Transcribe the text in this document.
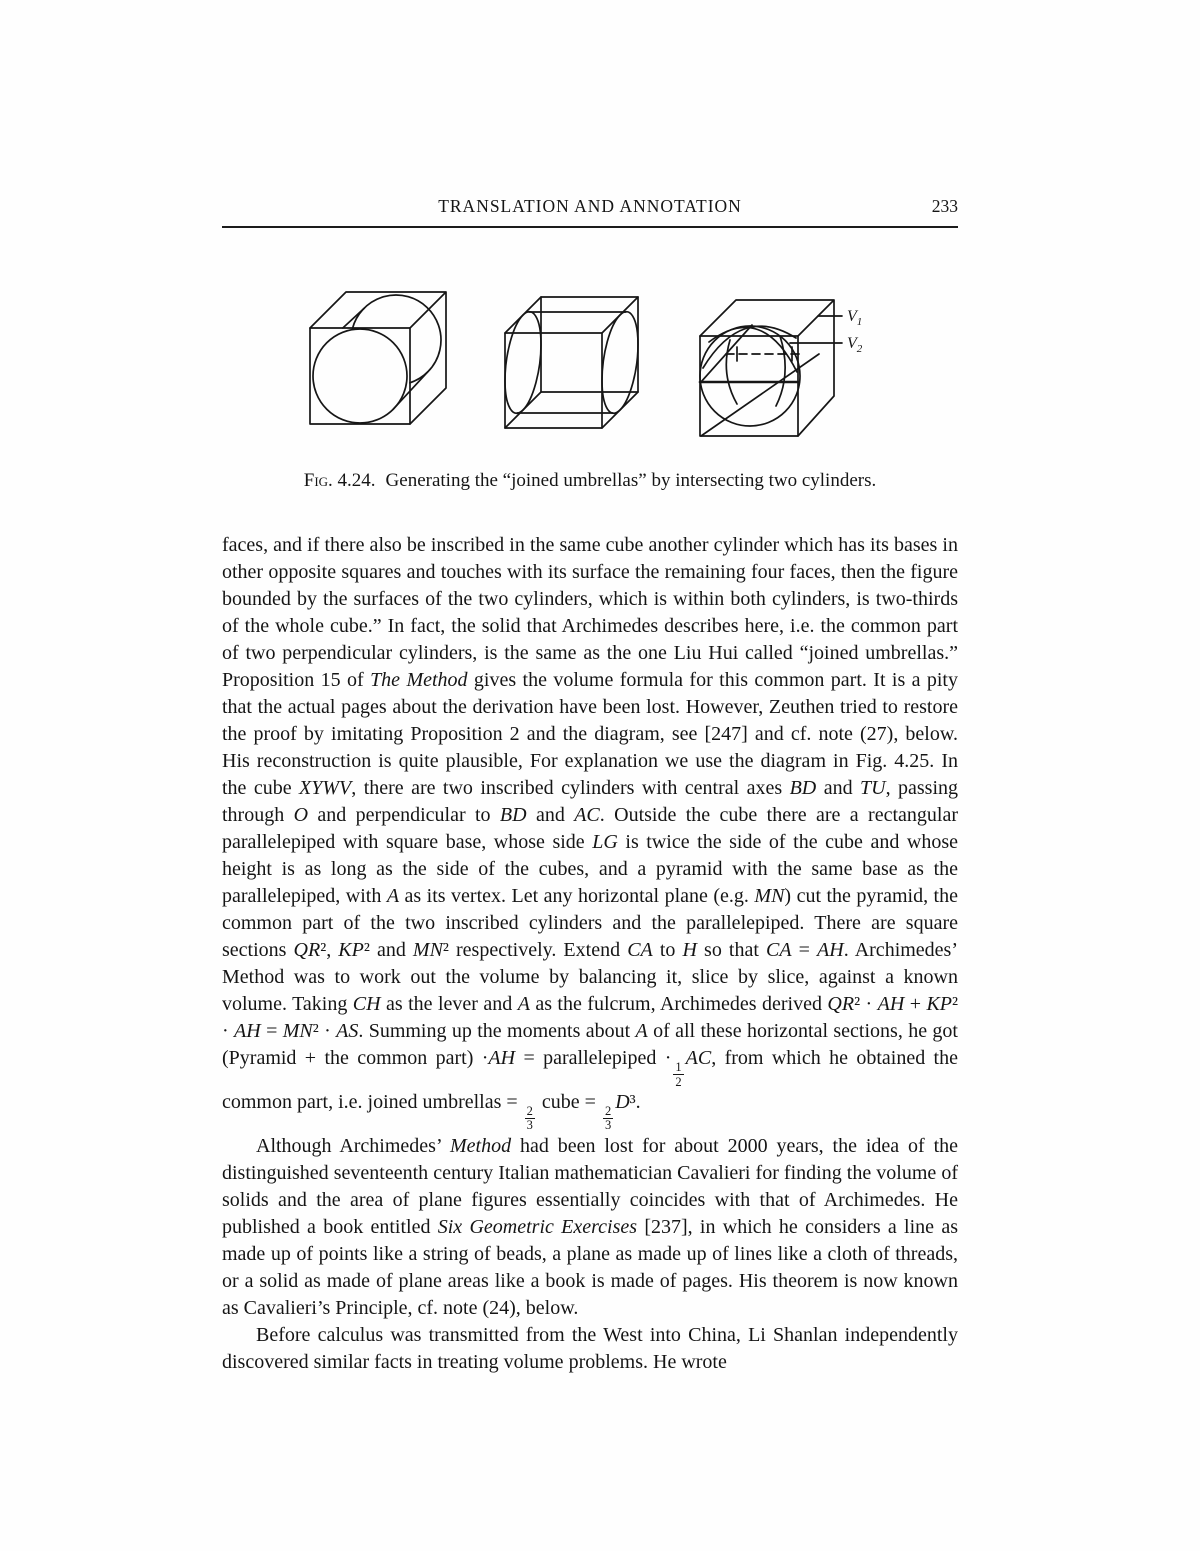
TRANSLATION AND ANNOTATION	233
$V_1$
$V_2$
Fig. 4.24. Generating the “joined umbrellas” by intersecting two cylinders.

faces, and if there also be inscribed in the same cube another cylinder which has its bases in other opposite squares and touches with its surface the remaining four faces, then the figure bounded by the surfaces of the two cylinders, which is within both cylinders, is two-thirds of the whole cube.” In fact, the solid that Archimedes describes here, i.e. the common part of two perpendicular cylinders, is the same as the one Liu Hui called “joined umbrellas.” Proposition 15 of The Method gives the volume formula for this common part. It is a pity that the actual pages about the derivation have been lost. However, Zeuthen tried to restore the proof by imitating Proposition 2 and the diagram, see [247] and cf. note (27), below. His reconstruction is quite plausible, For explanation we use the diagram in Fig. 4.25. In the cube XYWV, there are two inscribed cylinders with central axes BD and TU, passing through O and perpendicular to BD and AC. Outside the cube there are a rectangular parallelepiped with square base, whose side LG is twice the side of the cube and whose height is as long as the side of the cubes, and a pyramid with the same base as the parallelepiped, with A as its vertex. Let any horizontal plane (e.g. MN) cut the pyramid, the common part of the two inscribed cylinders and the parallelepiped. There are square sections QR², KP² and MN² respectively. Extend CA to H so that CA = AH. Archimedes’ Method was to work out the volume by balancing it, slice by slice, against a known volume. Taking CH as the lever and A as the fulcrum, Archimedes derived QR² · AH + KP² · AH = MN² · AS. Summing up the moments about A of all these horizontal sections, he got (Pyramid + the common part) ·AH = parallelepiped ·
$\frac{1}{2}$
AC, from which he obtained the common part, i.e. joined umbrellas =
$\frac{2}{3}$
cube =
$\frac{2}{3}$
D³.

Although Archimedes’ Method had been lost for about 2000 years, the idea of the distinguished seventeenth century Italian mathematician Cavalieri for finding the volume of solids and the area of plane figures essentially coincides with that of Archimedes. He published a book entitled Six Geometric Exercises [237], in which he considers a line as made up of points like a string of beads, a plane as made up of lines like a cloth of threads, or a solid as made of plane areas like a book is made of pages. His theorem is now known as Cavalieri’s Principle, cf. note (24), below.

Before calculus was transmitted from the West into China, Li Shanlan independently discovered similar facts in treating volume problems. He wrote
